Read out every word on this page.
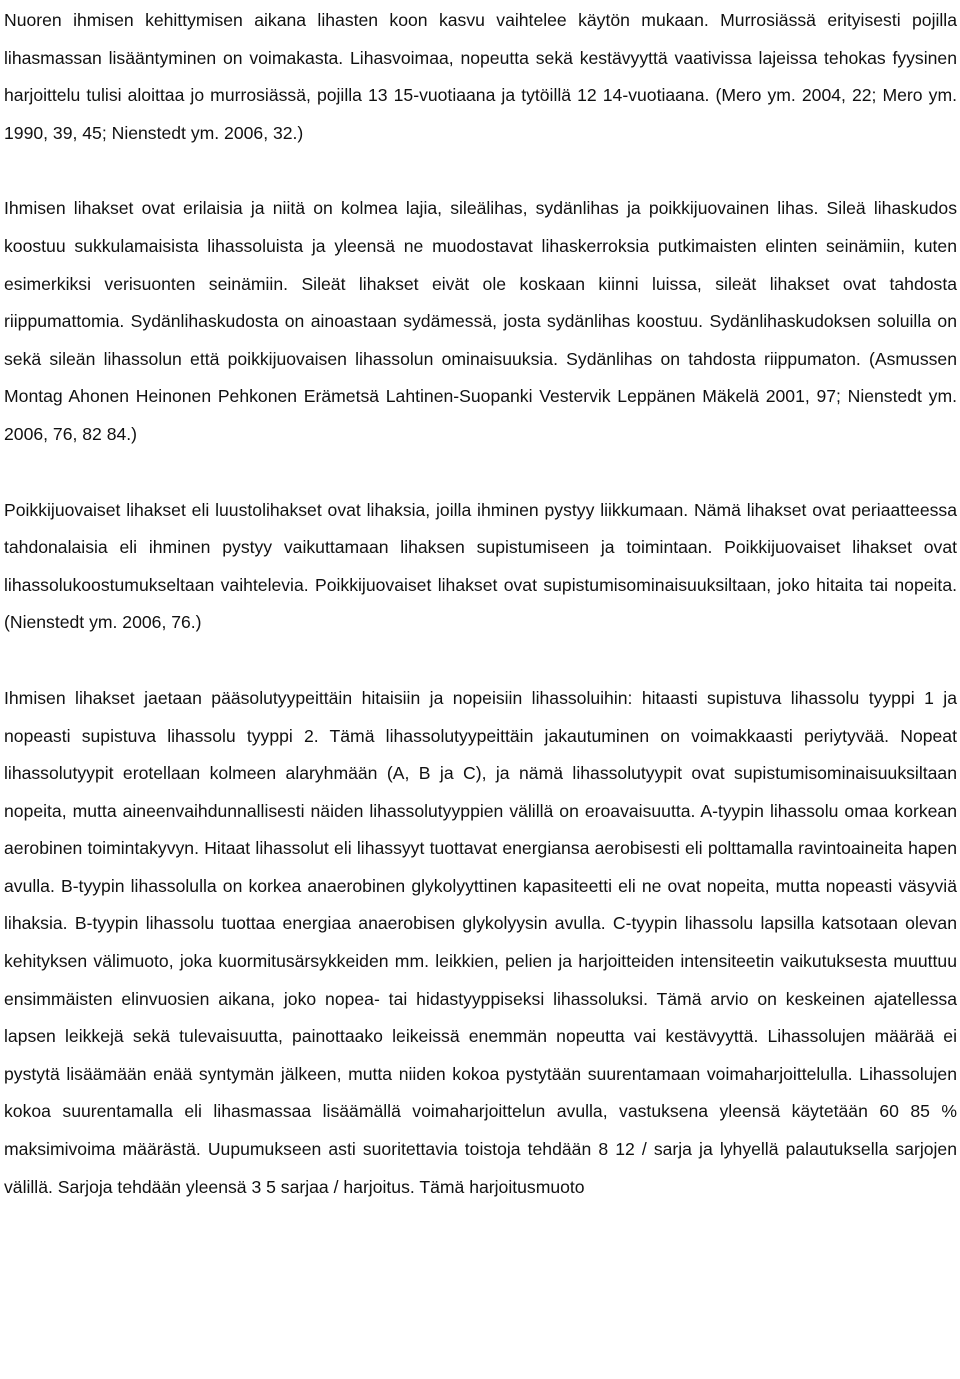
Nuoren ihmisen kehittymisen aikana lihasten koon kasvu vaihtelee käytön mukaan. Murrosiässä erityisesti pojilla lihasmassan lisääntyminen on voimakasta. Lihasvoimaa, nopeutta sekä kestävyyttä vaativissa lajeissa tehokas fyysinen harjoittelu tulisi aloittaa jo murrosiässä, pojilla 13 15-vuotiaana ja tytöillä 12 14-vuotiaana. (Mero ym. 2004, 22; Mero ym. 1990, 39, 45; Nienstedt ym. 2006, 32.)

Ihmisen lihakset ovat erilaisia ja niitä on kolmea lajia, sileälihas, sydänlihas ja poikkijuovainen lihas. Sileä lihaskudos koostuu sukkulamaisista lihassoluista ja yleensä ne muodostavat lihaskerroksia putkimaisten elinten seinämiin, kuten esimerkiksi verisuonten seinämiin. Sileät lihakset eivät ole koskaan kiinni luissa, sileät lihakset ovat tahdosta riippumattomia. Sydänlihaskudosta on ainoastaan sydämessä, josta sydänlihas koostuu. Sydänlihaskudoksen soluilla on sekä sileän lihassolun että poikkijuovaisen lihassolun ominaisuuksia. Sydänlihas on tahdosta riippumaton. (Asmussen Montag Ahonen Heinonen Pehkonen Erämetsä Lahtinen-Suopanki Vestervik Leppänen Mäkelä 2001, 97; Nienstedt ym. 2006, 76, 82 84.)

Poikkijuovaiset lihakset eli luustolihakset ovat lihaksia, joilla ihminen pystyy liikkumaan. Nämä lihakset ovat periaatteessa tahdonalaisia eli ihminen pystyy vaikuttamaan lihaksen supistumiseen ja toimintaan. Poikkijuovaiset lihakset ovat lihassolukoostumukseltaan vaihtelevia. Poikkijuovaiset lihakset ovat supistumisominaisuuksiltaan, joko hitaita tai nopeita. (Nienstedt ym. 2006, 76.)

Ihmisen lihakset jaetaan pääsolutyypeittäin hitaisiin ja nopeisiin lihassoluihin: hitaasti supistuva lihassolu tyyppi 1 ja nopeasti supistuva lihassolu tyyppi 2. Tämä lihassolutyypeittäin jakautuminen on voimakkaasti periytyvää. Nopeat lihassolutyypit erotellaan kolmeen alaryhmään (A, B ja C), ja nämä lihassolutyypit ovat supistumisominaisuuksiltaan nopeita, mutta aineenvaihdunnallisesti näiden lihassolutyyppien välillä on eroavaisuutta. A-tyypin lihassolu omaa korkean aerobinen toimintakyvyn. Hitaat lihassolut eli lihassyyt tuottavat energiansa aerobisesti eli polttamalla ravintoaineita hapen avulla. B-tyypin lihassolulla on korkea anaerobinen glykolyyttinen kapasiteetti eli ne ovat nopeita, mutta nopeasti väsyviä lihaksia. B-tyypin lihassolu tuottaa energiaa anaerobisen glykolyysin avulla. C-tyypin lihassolu lapsilla katsotaan olevan kehityksen välimuoto, joka kuormitusärsykkeiden mm. leikkien, pelien ja harjoitteiden intensiteetin vaikutuksesta muuttuu ensimmäisten elinvuosien aikana, joko nopea- tai hidastyyppiseksi lihassoluksi. Tämä arvio on keskeinen ajatellessa lapsen leikkejä sekä tulevaisuutta, painottaako leikeissä enemmän nopeutta vai kestävyyttä. Lihassolujen määrää ei pystytä lisäämään enää syntymän jälkeen, mutta niiden kokoa pystytään suurentamaan voimaharjoittelulla. Lihassolujen kokoa suurentamalla eli lihasmassaa lisäämällä voimaharjoittelun avulla, vastuksena yleensä käytetään 60 85 % maksimivoima määrästä. Uupumukseen asti suoritettavia toistoja tehdään 8 12 / sarja ja lyhyellä palautuksella sarjojen välillä. Sarjoja tehdään yleensä 3 5 sarjaa / harjoitus. Tämä harjoitusmuoto
